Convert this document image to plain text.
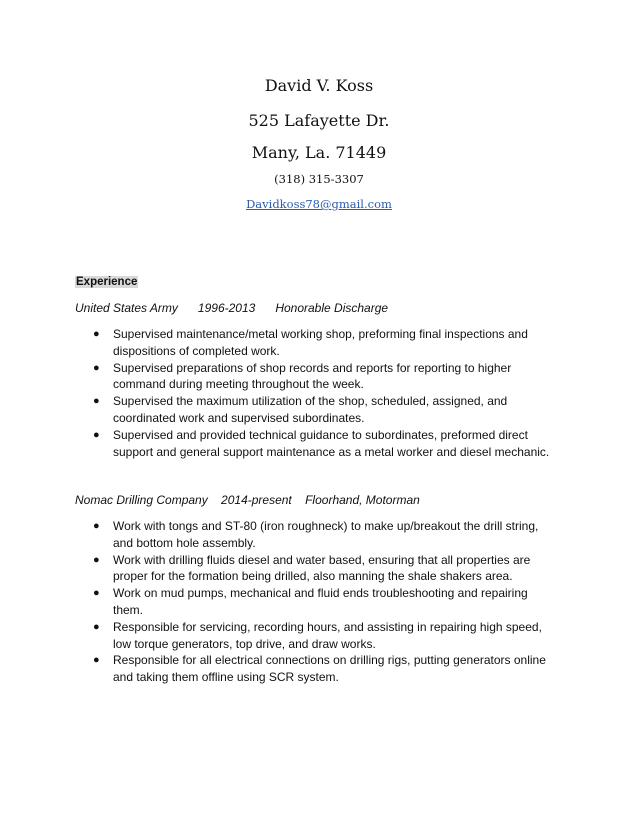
David V. Koss
525 Lafayette Dr.
Many, La. 71449
(318) 315-3307
Davidkoss78@gmail.com
Experience
United States Army      1996-2013      Honorable Discharge
● Supervised maintenance/metal working shop, preforming final inspections and dispositions of completed work.
● Supervised preparations of shop records and reports for reporting to higher command during meeting throughout the week.
● Supervised the maximum utilization of the shop, scheduled, assigned, and coordinated work and supervised subordinates.
● Supervised and provided technical guidance to subordinates, preformed direct support and general support maintenance as a metal worker and diesel mechanic.
Nomac Drilling Company    2014-present    Floorhand, Motorman
● Work with tongs and ST-80 (iron roughneck) to make up/breakout the drill string, and bottom hole assembly.
● Work with drilling fluids diesel and water based, ensuring that all properties are proper for the formation being drilled, also manning the shale shakers area.
● Work on mud pumps, mechanical and fluid ends troubleshooting and repairing them.
● Responsible for servicing, recording hours, and assisting in repairing high speed, low torque generators, top drive, and draw works.
● Responsible for all electrical connections on drilling rigs, putting generators online and taking them offline using SCR system.
